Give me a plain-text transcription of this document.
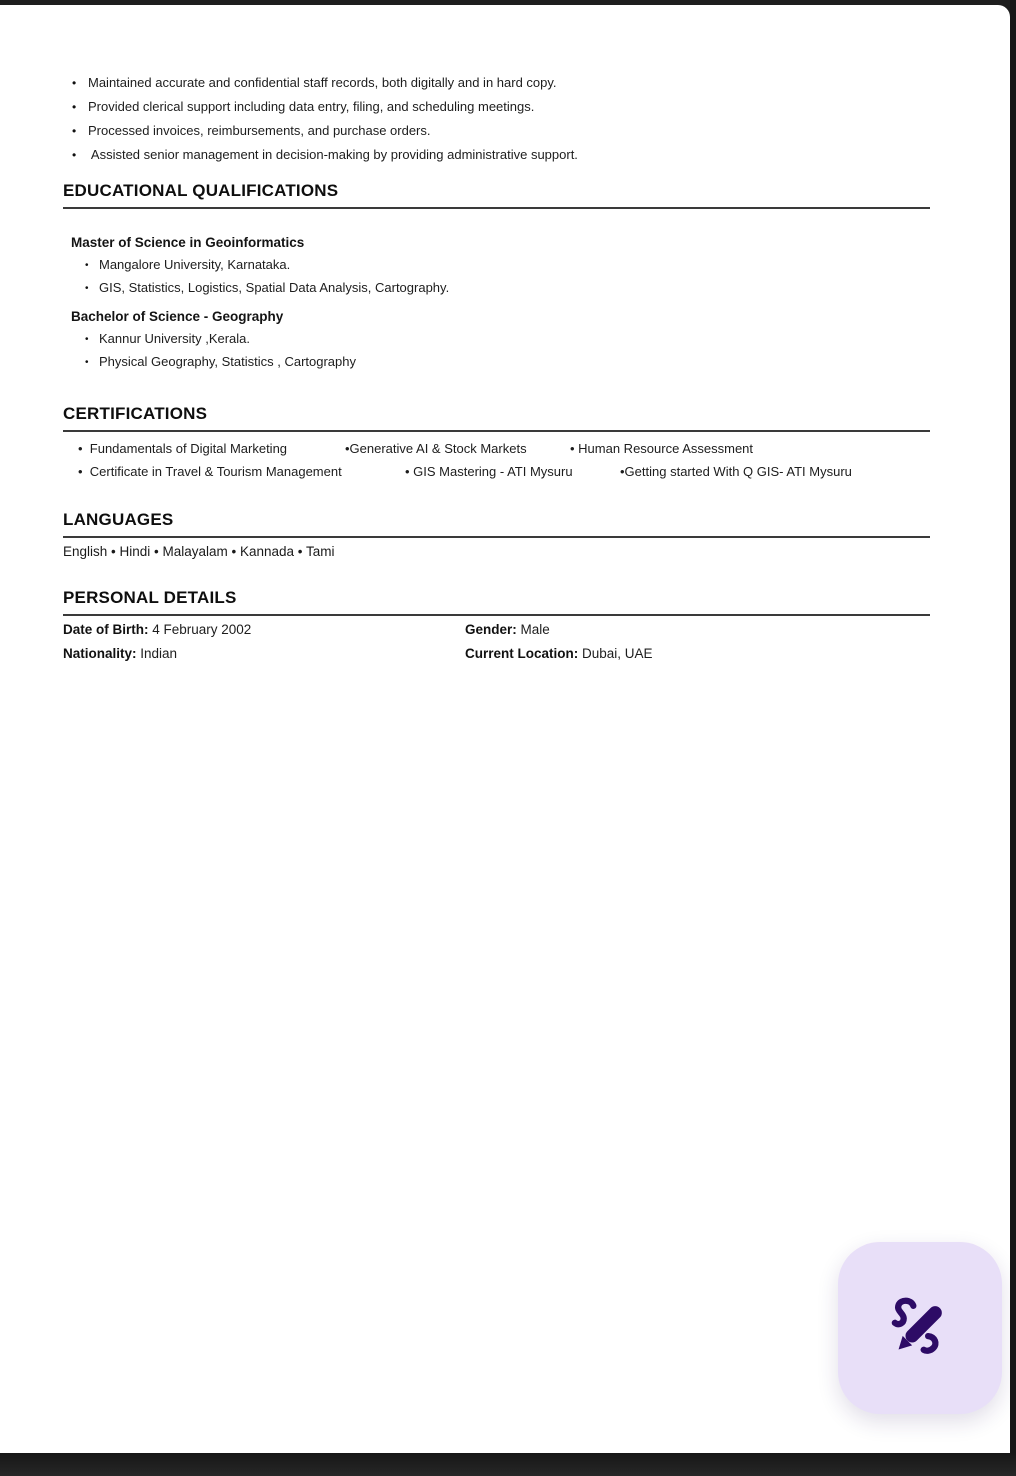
• Maintained accurate and confidential staff records, both digitally and in hard copy.
• Provided clerical support including data entry, filing, and scheduling meetings.
• Processed invoices, reimbursements, and purchase orders.
• Assisted senior management in decision-making by providing administrative support.
EDUCATIONAL QUALIFICATIONS
Master of Science in Geoinformatics
• Mangalore University, Karnataka.
• GIS, Statistics, Logistics, Spatial Data Analysis, Cartography.
Bachelor of Science - Geography
• Kannur University ,Kerala.
• Physical Geography, Statistics , Cartography
CERTIFICATIONS
•  Fundamentals of Digital Marketing	•Generative AI & Stock Markets	• Human Resource Assessment
•  Certificate in Travel & Tourism Management	• GIS Mastering - ATI Mysuru	•Getting started With Q GIS- ATI Mysuru
LANGUAGES
English • Hindi • Malayalam • Kannada • Tami
PERSONAL DETAILS
Date of Birth: 4 February 2002	Gender: Male
Nationality: Indian	Current Location: Dubai, UAE
